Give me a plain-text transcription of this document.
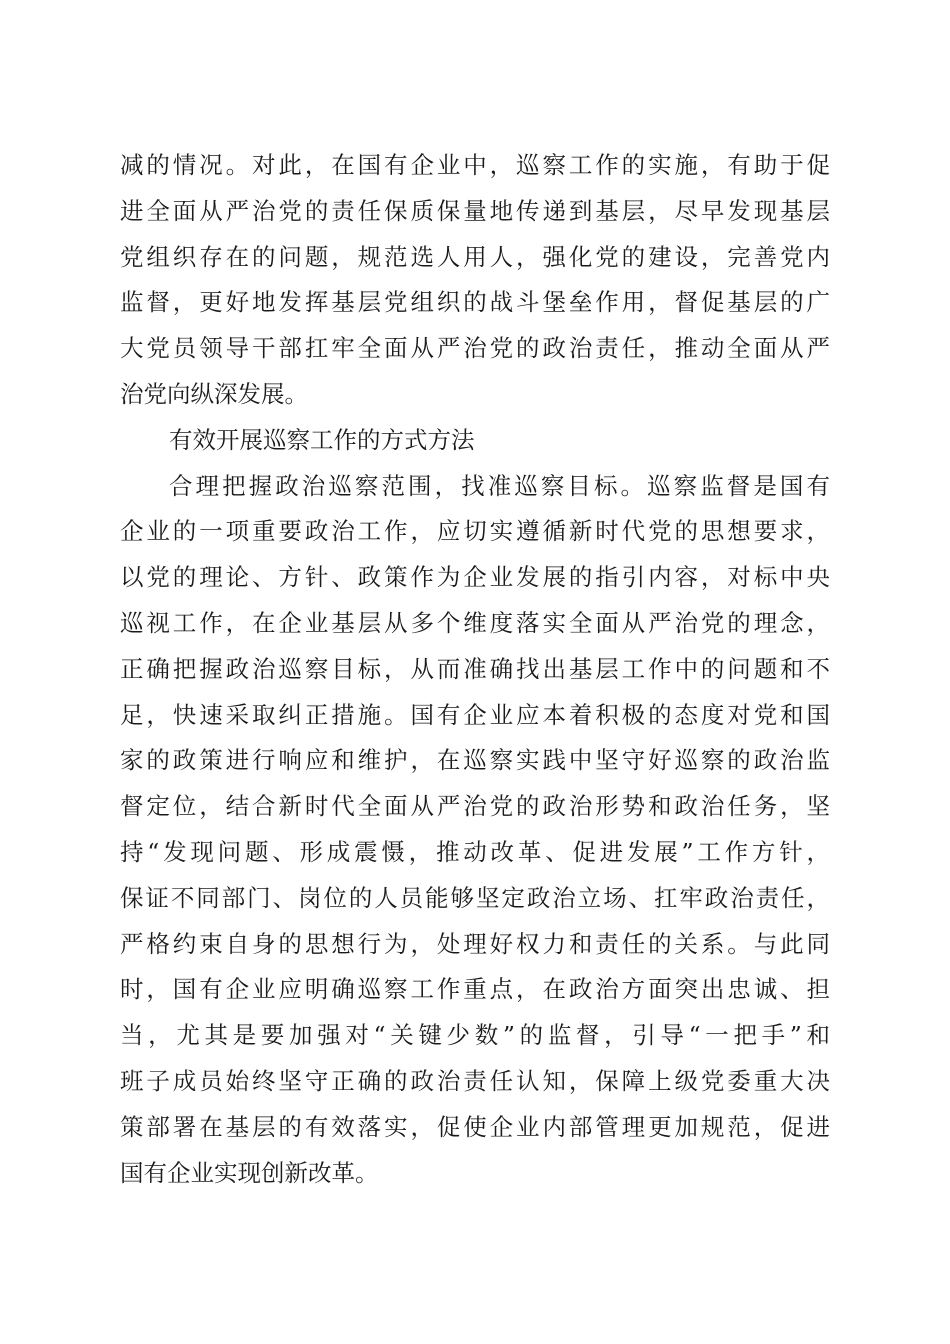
减的情况。对此，在国有企业中，巡察工作的实施，有助于促
进全面从严治党的责任保质保量地传递到基层，尽早发现基层
党组织存在的问题，规范选人用人，强化党的建设，完善党内
监督，更好地发挥基层党组织的战斗堡垒作用，督促基层的广
大党员领导干部扛牢全面从严治党的政治责任，推动全面从严
治党向纵深发展。
有效开展巡察工作的方式方法
合理把握政治巡察范围，找准巡察目标。巡察监督是国有
企业的一项重要政治工作，应切实遵循新时代党的思想要求，
以党的理论、方针、政策作为企业发展的指引内容，对标中央
巡视工作，在企业基层从多个维度落实全面从严治党的理念，
正确把握政治巡察目标，从而准确找出基层工作中的问题和不
足，快速采取纠正措施。国有企业应本着积极的态度对党和国
家的政策进行响应和维护，在巡察实践中坚守好巡察的政治监
督定位，结合新时代全面从严治党的政治形势和政治任务，坚
持“发现问题、形成震慑，推动改革、促进发展”工作方针，
保证不同部门、岗位的人员能够坚定政治立场、扛牢政治责任，
严格约束自身的思想行为，处理好权力和责任的关系。与此同
时，国有企业应明确巡察工作重点，在政治方面突出忠诚、担
当，尤其是要加强对“关键少数”的监督，引导“一把手”和
班子成员始终坚守正确的政治责任认知，保障上级党委重大决
策部署在基层的有效落实，促使企业内部管理更加规范，促进
国有企业实现创新改革。
